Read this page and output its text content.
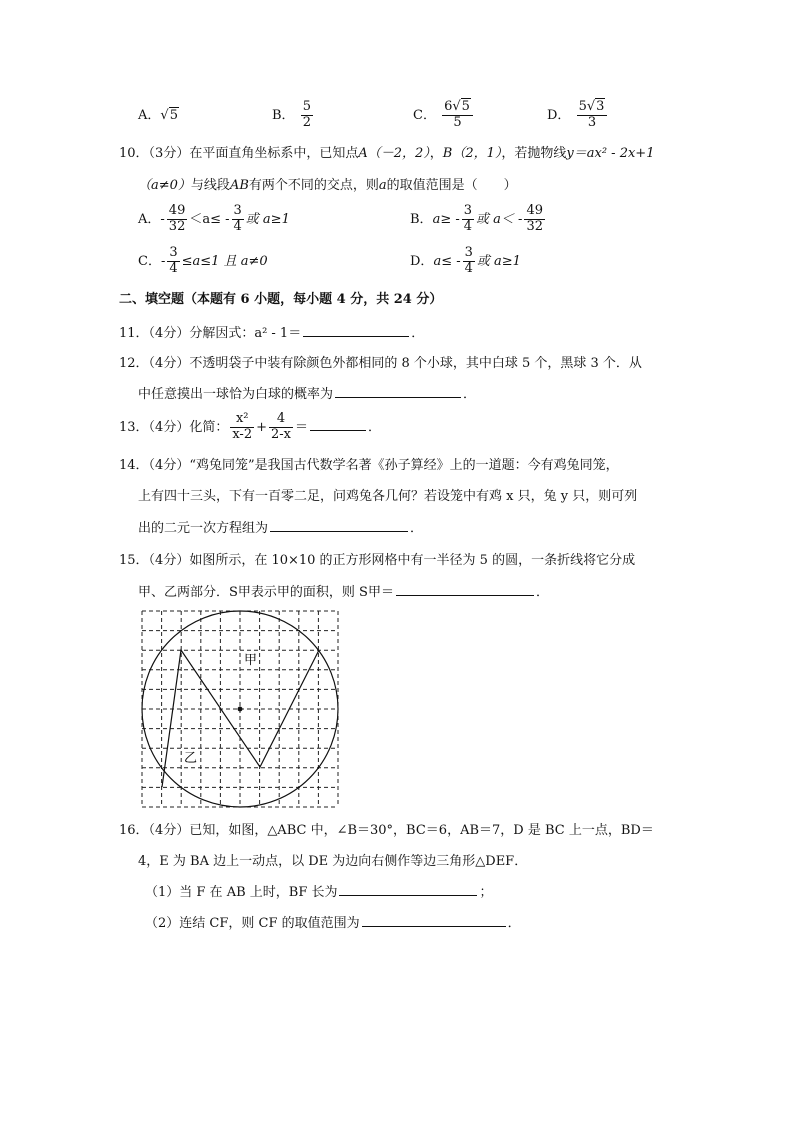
A．√5	B． $\frac{5}{2}$	C． $\frac{6√5}{5}$	D． $\frac{5√3}{3}$
10．（3分）在平面直角坐标系中，已知点A（－2，2），B（2，1），若抛物线y＝ax² - 2x+1
（a≠0）与线段AB有两个不同的交点，则a的取值范围是（　　）
A．- $\frac{49}{32} <a\le - \frac{3}{4}$ 或 a≥1	B．$a\ge - \frac{3}{4}$ 或 $a< - \frac{49}{32}$
C．- $\frac{3}{4} \le a\le 1$ 且 a≠0	D．$a\le - \frac{3}{4}$ 或 a≥1
二、填空题（本题有 6 小题，每小题 4 分，共 24 分）
11．（4分）分解因式：a² - 1＝	．
12．（4分）不透明袋子中装有除颜色外都相同的 8 个小球，其中白球 5 个，黑球 3 个．从
中任意摸出一球恰为白球的概率为	．
13．（4分）化简： $\frac{\text{x²}}{x-2} + \frac{4}{2-x}$ ＝	．
14．（4分）“鸡兔同笼”是我国古代数学名著《孙子算经》上的一道题：今有鸡兔同笼，
上有四十三头，下有一百零二足，问鸡兔各几何？若设笼中有鸡 x 只，兔 y 只，则可列
出的二元一次方程组为	．
15．（4分）如图所示，在 10×10 的正方形网格中有一半径为 5 的圆，一条折线将它分成
甲、乙两部分．S甲表示甲的面积，则 S甲＝	．
甲
乙
16．（4分）已知，如图，△ABC 中，∠B＝30°，BC＝6，AB＝7，D 是 BC 上一点，BD＝
4，E 为 BA 边上一动点，以 DE 为边向右侧作等边三角形△DEF．
（1）当 F 在 AB 上时，BF 长为	；
（2）连结 CF，则 CF 的取值范围为	．
